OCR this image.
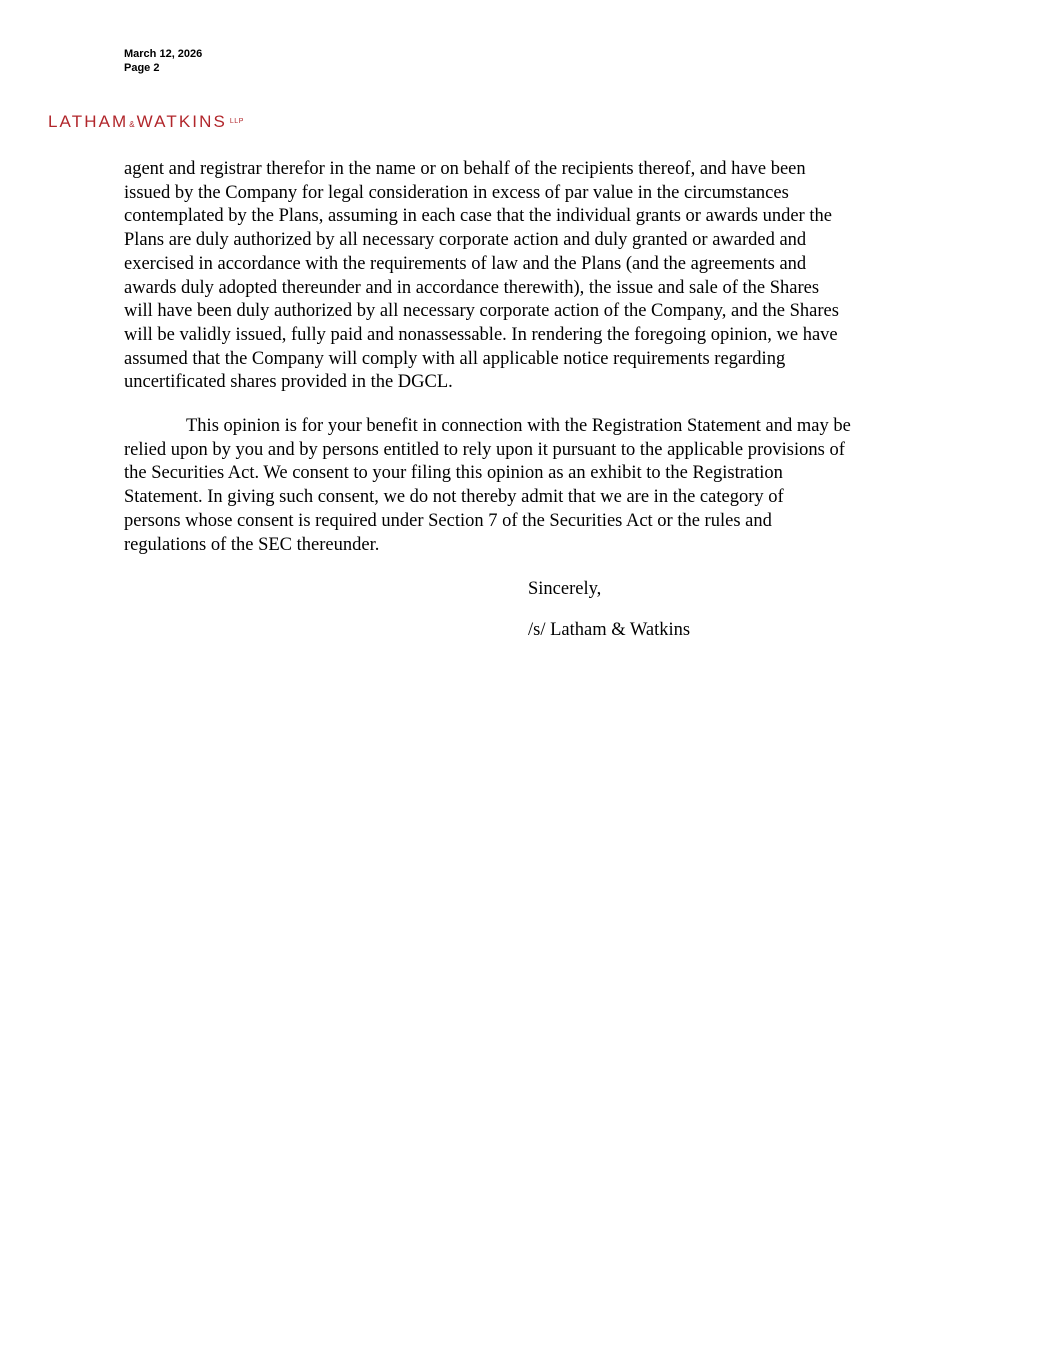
March 12, 2026
Page 2
LATHAM & WATKINS LLP

agent and registrar therefor in the name or on behalf of the recipients thereof, and have been
issued by the Company for legal consideration in excess of par value in the circumstances
contemplated by the Plans, assuming in each case that the individual grants or awards under the
Plans are duly authorized by all necessary corporate action and duly granted or awarded and
exercised in accordance with the requirements of law and the Plans (and the agreements and
awards duly adopted thereunder and in accordance therewith), the issue and sale of the Shares
will have been duly authorized by all necessary corporate action of the Company, and the Shares
will be validly issued, fully paid and nonassessable. In rendering the foregoing opinion, we have
assumed that the Company will comply with all applicable notice requirements regarding
uncertificated shares provided in the DGCL.

This opinion is for your benefit in connection with the Registration Statement and may be
relied upon by you and by persons entitled to rely upon it pursuant to the applicable provisions of
the Securities Act. We consent to your filing this opinion as an exhibit to the Registration
Statement. In giving such consent, we do not thereby admit that we are in the category of
persons whose consent is required under Section 7 of the Securities Act or the rules and
regulations of the SEC thereunder.

Sincerely,
/s/ Latham & Watkins
